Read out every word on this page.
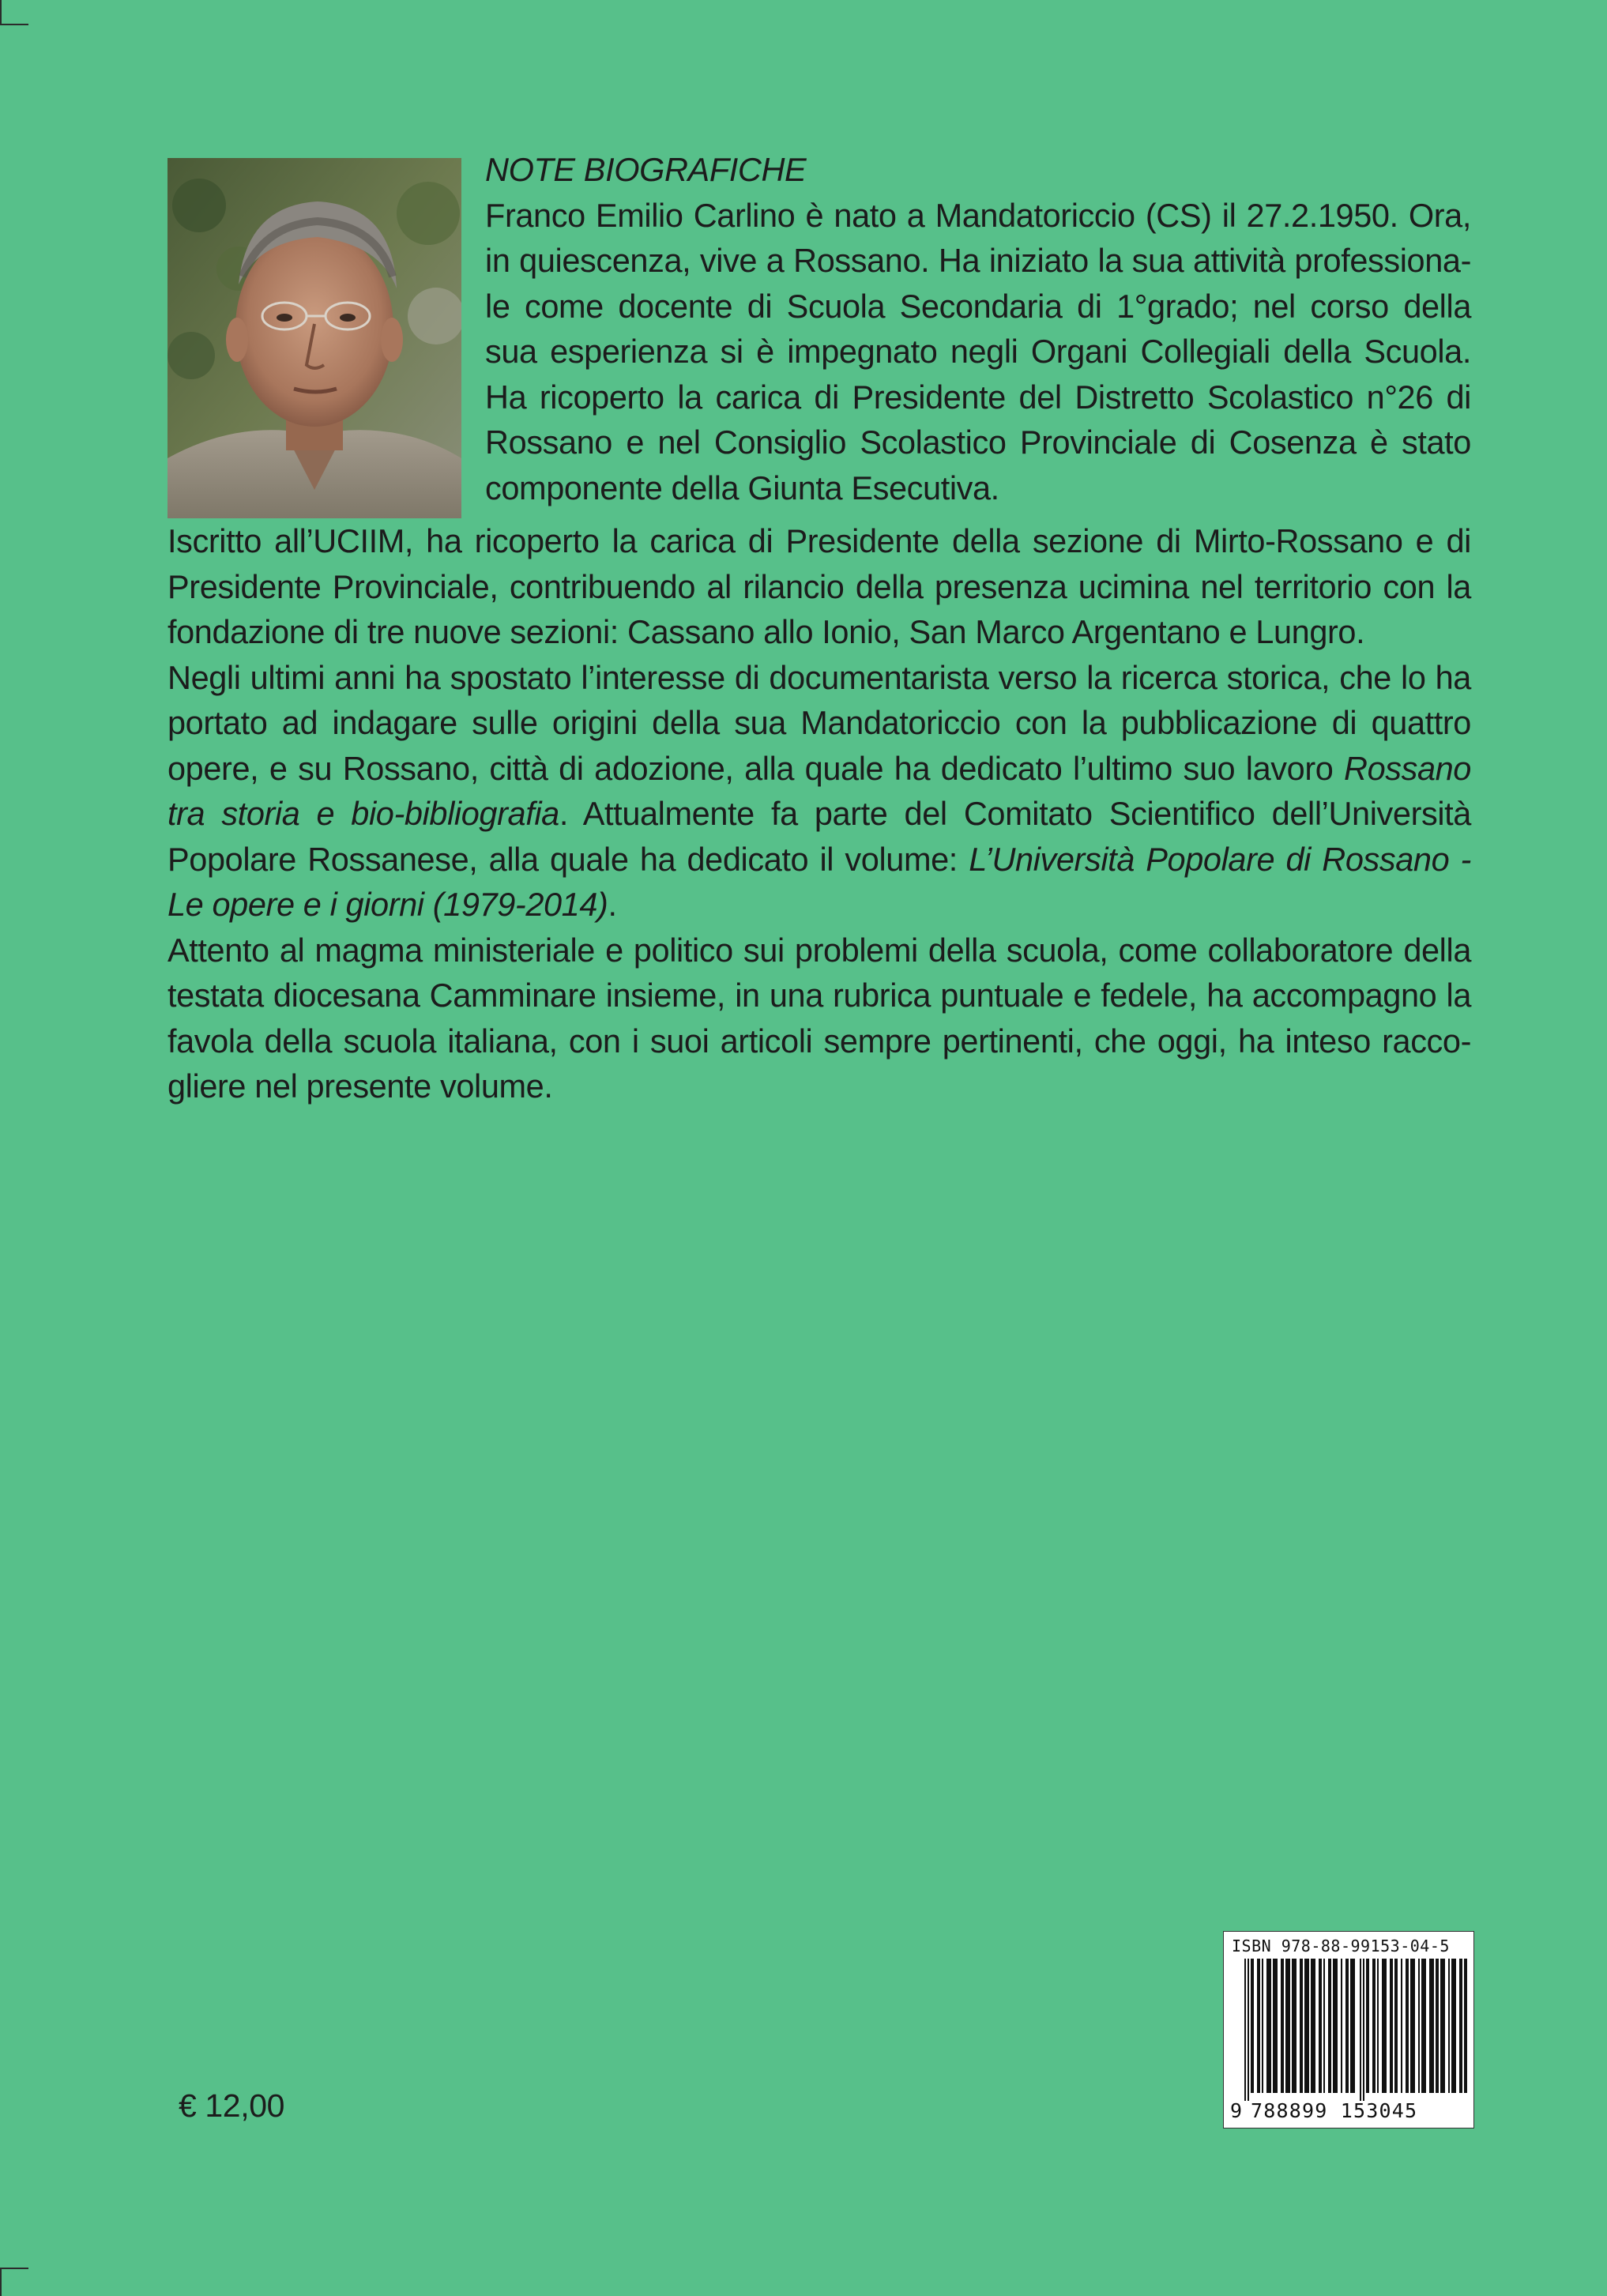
NOTE BIOGRAFICHE

Franco Emilio Carlino è nato a Mandatoriccio (CS) il 27.2.1950. Ora, in quiescenza, vive a Rossano. Ha iniziato la sua attività professiona-le come docente di Scuola Secondaria di 1°grado; nel corso della sua esperienza si è impegnato negli Organi Collegiali della Scuola. Ha ricoperto la carica di Presidente del Distretto Scolastico n°26 di Rossano e nel Consiglio Scolastico Provinciale di Cosenza è stato componente della Giunta Esecutiva.

Iscritto all’UCIIM, ha ricoperto la carica di Presidente della sezione di Mirto-Rossano e di Presidente Provinciale, contribuendo al rilancio della presenza ucimina nel territorio con la fondazione di tre nuove sezioni: Cassano allo Ionio, San Marco Argentano e Lungro.

Negli ultimi anni ha spostato l’interesse di documentarista verso la ricerca storica, che lo ha portato ad indagare sulle origini della sua Mandatoriccio con la pubblicazione di quattro opere, e su Rossano, città di adozione, alla quale ha dedicato l’ultimo suo lavoro Rossano tra storia e bio-bibliografia. Attualmente fa parte del Comitato Scientifico dell’Università Popolare Rossanese, alla quale ha dedicato il volume: L’Università Popolare di Rossano - Le opere e i giorni (1979-2014).

Attento al magma ministeriale e politico sui problemi della scuola, come collaboratore della testata diocesana Camminare insieme, in una rubrica puntuale e fedele, ha accompagno la favola della scuola italiana, con i suoi articoli sempre pertinenti, che oggi, ha inteso racco-gliere nel presente volume.

€ 12,00
ISBN 978-88-99153-04-5
9 788899 153045
